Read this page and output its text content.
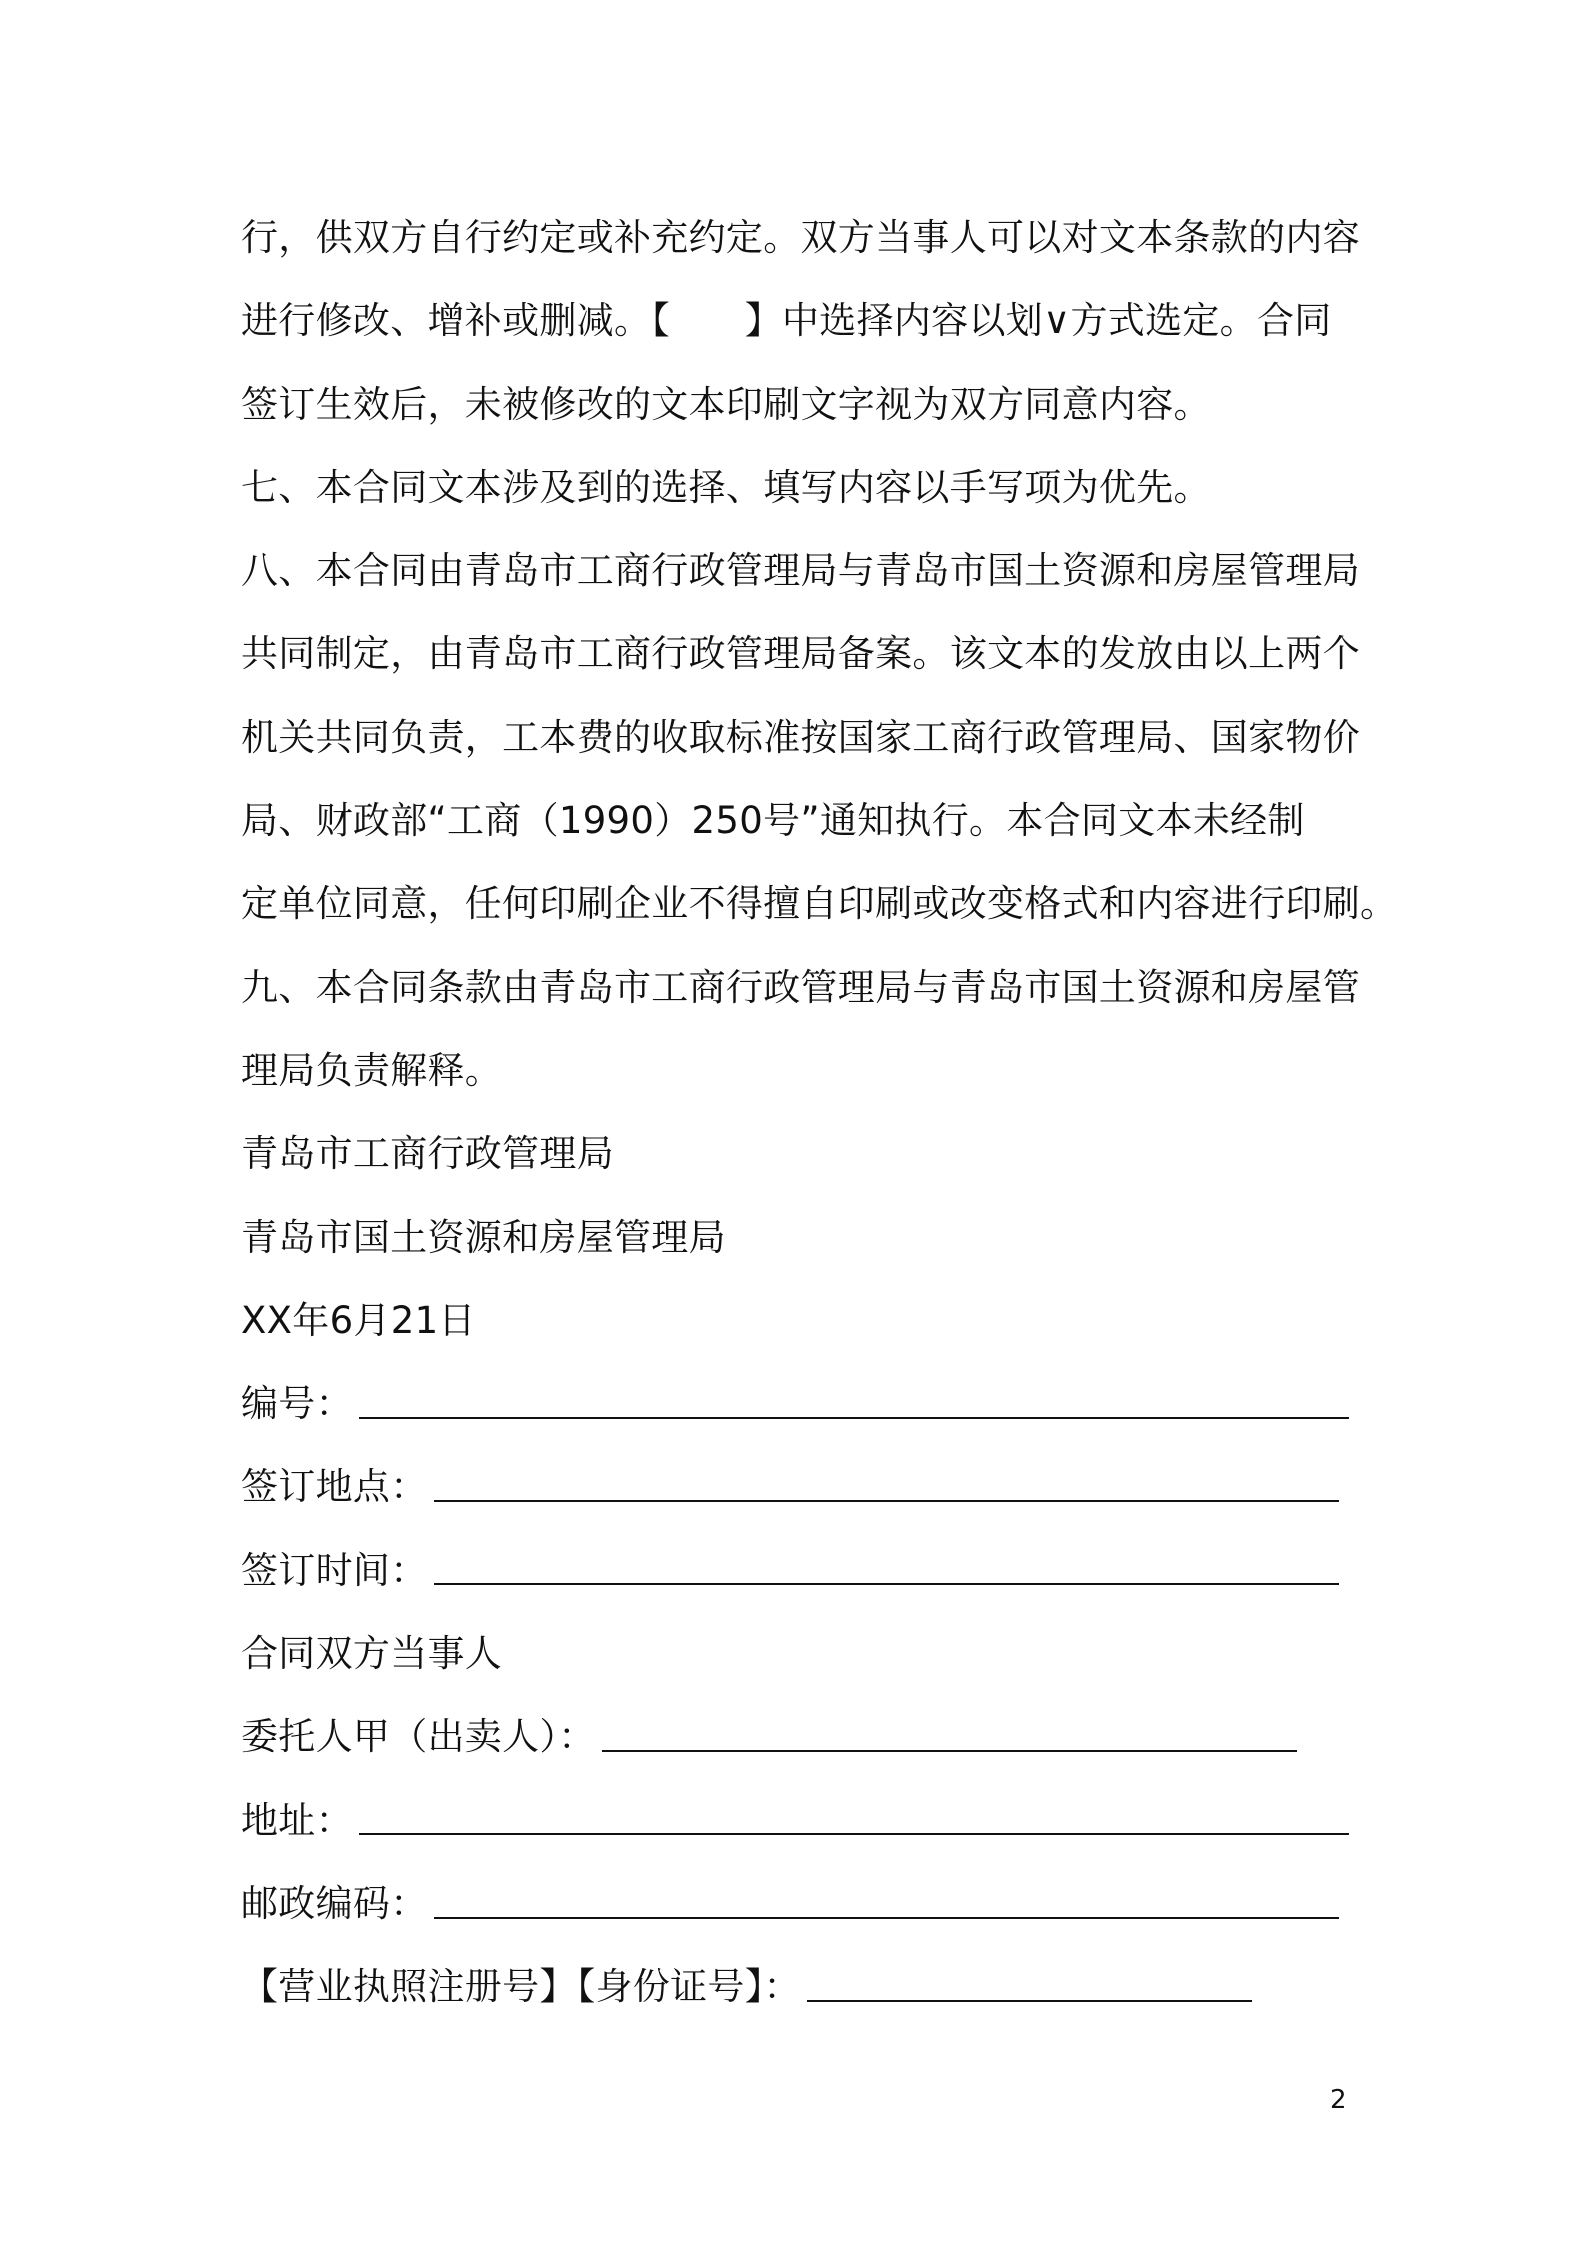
行，供双方自行约定或补充约定。双方当事人可以对文本条款的内容
进行修改、增补或删减。【　　】中选择内容以划∨方式选定。合同
签订生效后，未被修改的文本印刷文字视为双方同意内容。
七、本合同文本涉及到的选择、填写内容以手写项为优先。
八、本合同由青岛市工商行政管理局与青岛市国土资源和房屋管理局
共同制定，由青岛市工商行政管理局备案。该文本的发放由以上两个
机关共同负责，工本费的收取标准按国家工商行政管理局、国家物价
局、财政部“工商（1990）250号”通知执行。本合同文本未经制
定单位同意，任何印刷企业不得擅自印刷或改变格式和内容进行印刷。
九、本合同条款由青岛市工商行政管理局与青岛市国土资源和房屋管
理局负责解释。
青岛市工商行政管理局
青岛市国土资源和房屋管理局
XX年6月21日
编号：
签订地点：
签订时间：
合同双方当事人
委托人甲（出卖人）：
地址：
邮政编码：
【营业执照注册号】【身份证号】：
2
